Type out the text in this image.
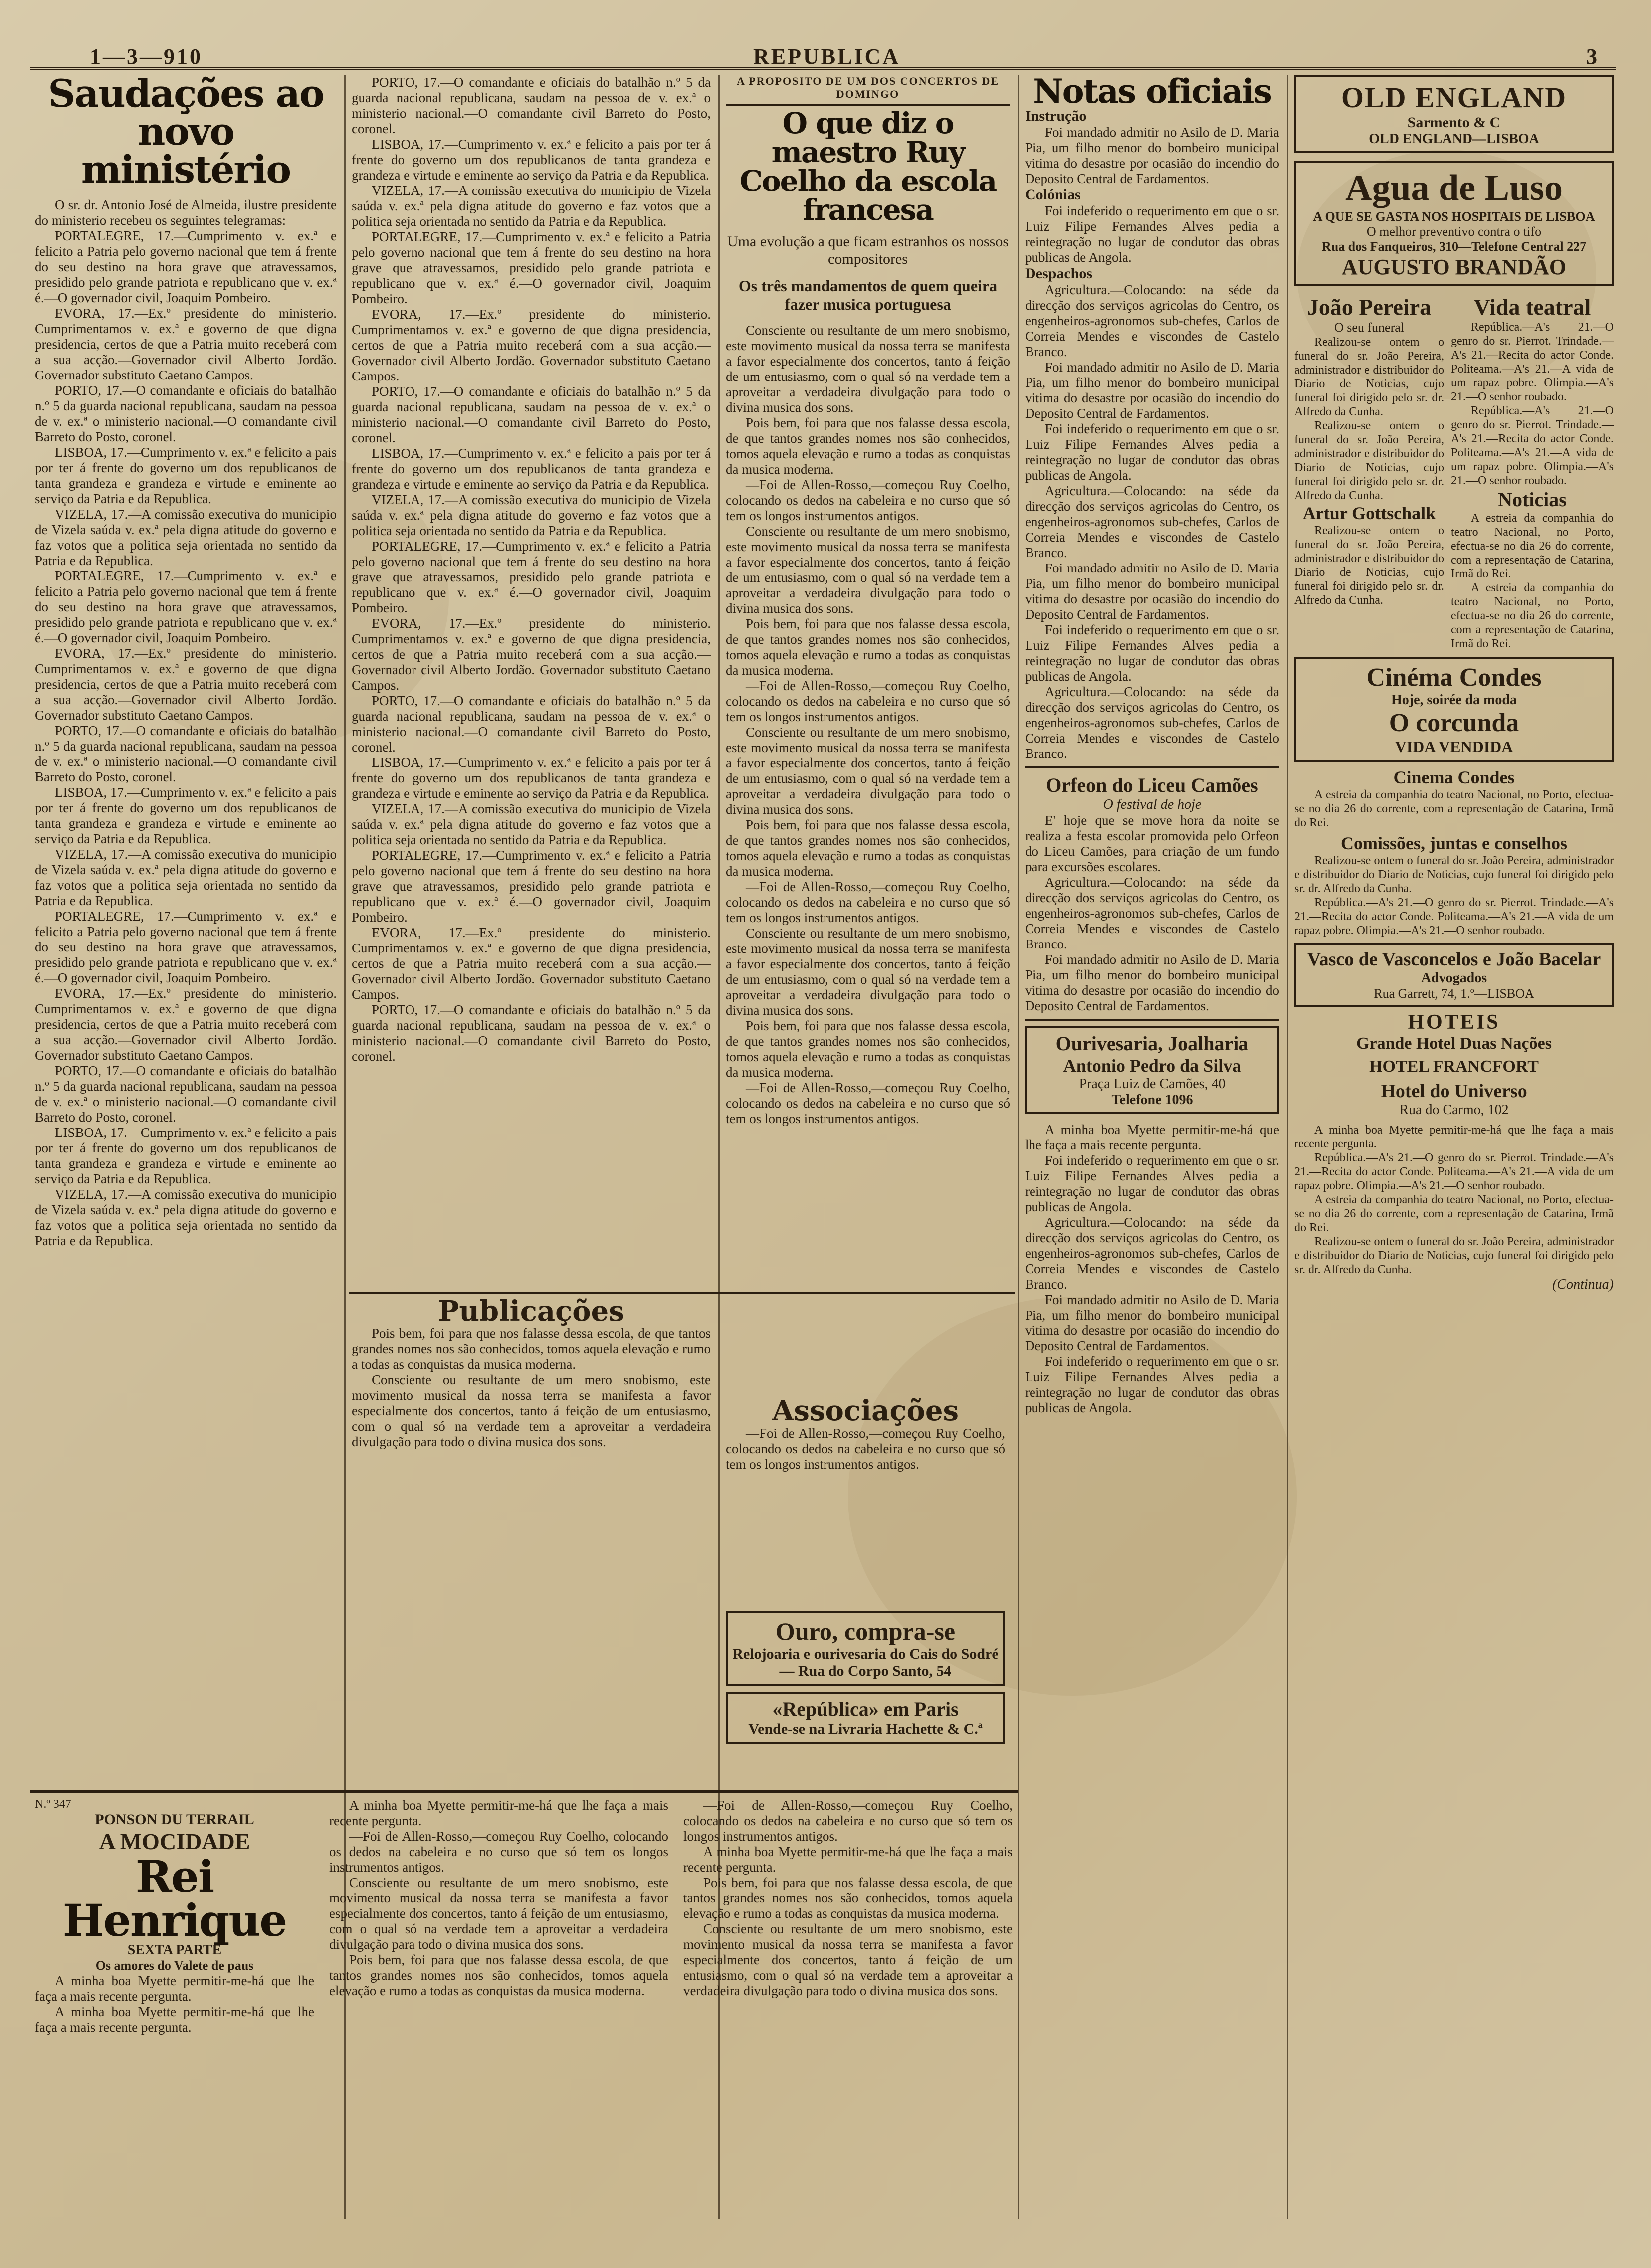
1—3—910	REPUBLICA	3
Saudações ao novo ministério

O sr. dr. Antonio José de Almeida, ilustre presidente do ministerio recebeu os seguintes telegramas:

PORTALEGRE, 17.—Cumprimento v. ex.ª e felicito a Patria pelo governo nacional que tem á frente do seu destino na hora grave que atravessamos, presidido pelo grande patriota e republicano que v. ex.ª é.—O governador civil, Joaquim Pombeiro.

EVORA, 17.—Ex.º presidente do ministerio. Cumprimentamos v. ex.ª e governo de que digna presidencia, certos de que a Patria muito receberá com a sua acção.—Governador civil Alberto Jordão. Governador substituto Caetano Campos.

PORTO, 17.—O comandante e oficiais do batalhão n.º 5 da guarda nacional republicana, saudam na pessoa de v. ex.ª o ministerio nacional.—O comandante civil Barreto do Posto, coronel.

LISBOA, 17.—Cumprimento v. ex.ª e felicito a pais por ter á frente do governo um dos republicanos de tanta grandeza e grandeza e virtude e eminente ao serviço da Patria e da Republica.

VIZELA, 17.—A comissão executiva do municipio de Vizela saúda v. ex.ª pela digna atitude do governo e faz votos que a politica seja orientada no sentido da Patria e da Republica.

PORTALEGRE, 17.—Cumprimento v. ex.ª e felicito a Patria pelo governo nacional que tem á frente do seu destino na hora grave que atravessamos, presidido pelo grande patriota e republicano que v. ex.ª é.—O governador civil, Joaquim Pombeiro.

EVORA, 17.—Ex.º presidente do ministerio. Cumprimentamos v. ex.ª e governo de que digna presidencia, certos de que a Patria muito receberá com a sua acção.—Governador civil Alberto Jordão. Governador substituto Caetano Campos.

PORTO, 17.—O comandante e oficiais do batalhão n.º 5 da guarda nacional republicana, saudam na pessoa de v. ex.ª o ministerio nacional.—O comandante civil Barreto do Posto, coronel.

LISBOA, 17.—Cumprimento v. ex.ª e felicito a pais por ter á frente do governo um dos republicanos de tanta grandeza e grandeza e virtude e eminente ao serviço da Patria e da Republica.

VIZELA, 17.—A comissão executiva do municipio de Vizela saúda v. ex.ª pela digna atitude do governo e faz votos que a politica seja orientada no sentido da Patria e da Republica.

PORTALEGRE, 17.—Cumprimento v. ex.ª e felicito a Patria pelo governo nacional que tem á frente do seu destino na hora grave que atravessamos, presidido pelo grande patriota e republicano que v. ex.ª é.—O governador civil, Joaquim Pombeiro.

EVORA, 17.—Ex.º presidente do ministerio. Cumprimentamos v. ex.ª e governo de que digna presidencia, certos de que a Patria muito receberá com a sua acção.—Governador civil Alberto Jordão. Governador substituto Caetano Campos.

PORTO, 17.—O comandante e oficiais do batalhão n.º 5 da guarda nacional republicana, saudam na pessoa de v. ex.ª o ministerio nacional.—O comandante civil Barreto do Posto, coronel.

LISBOA, 17.—Cumprimento v. ex.ª e felicito a pais por ter á frente do governo um dos republicanos de tanta grandeza e grandeza e virtude e eminente ao serviço da Patria e da Republica.

VIZELA, 17.—A comissão executiva do municipio de Vizela saúda v. ex.ª pela digna atitude do governo e faz votos que a politica seja orientada no sentido da Patria e da Republica.

PORTO, 17.—O comandante e oficiais do batalhão n.º 5 da guarda nacional republicana, saudam na pessoa de v. ex.ª o ministerio nacional.—O comandante civil Barreto do Posto, coronel.

LISBOA, 17.—Cumprimento v. ex.ª e felicito a pais por ter á frente do governo um dos republicanos de tanta grandeza e grandeza e virtude e eminente ao serviço da Patria e da Republica.

VIZELA, 17.—A comissão executiva do municipio de Vizela saúda v. ex.ª pela digna atitude do governo e faz votos que a politica seja orientada no sentido da Patria e da Republica.

PORTALEGRE, 17.—Cumprimento v. ex.ª e felicito a Patria pelo governo nacional que tem á frente do seu destino na hora grave que atravessamos, presidido pelo grande patriota e republicano que v. ex.ª é.—O governador civil, Joaquim Pombeiro.

EVORA, 17.—Ex.º presidente do ministerio. Cumprimentamos v. ex.ª e governo de que digna presidencia, certos de que a Patria muito receberá com a sua acção.—Governador civil Alberto Jordão. Governador substituto Caetano Campos.

PORTO, 17.—O comandante e oficiais do batalhão n.º 5 da guarda nacional republicana, saudam na pessoa de v. ex.ª o ministerio nacional.—O comandante civil Barreto do Posto, coronel.

LISBOA, 17.—Cumprimento v. ex.ª e felicito a pais por ter á frente do governo um dos republicanos de tanta grandeza e grandeza e virtude e eminente ao serviço da Patria e da Republica.

VIZELA, 17.—A comissão executiva do municipio de Vizela saúda v. ex.ª pela digna atitude do governo e faz votos que a politica seja orientada no sentido da Patria e da Republica.

PORTALEGRE, 17.—Cumprimento v. ex.ª e felicito a Patria pelo governo nacional que tem á frente do seu destino na hora grave que atravessamos, presidido pelo grande patriota e republicano que v. ex.ª é.—O governador civil, Joaquim Pombeiro.

EVORA, 17.—Ex.º presidente do ministerio. Cumprimentamos v. ex.ª e governo de que digna presidencia, certos de que a Patria muito receberá com a sua acção.—Governador civil Alberto Jordão. Governador substituto Caetano Campos.

PORTO, 17.—O comandante e oficiais do batalhão n.º 5 da guarda nacional republicana, saudam na pessoa de v. ex.ª o ministerio nacional.—O comandante civil Barreto do Posto, coronel.

LISBOA, 17.—Cumprimento v. ex.ª e felicito a pais por ter á frente do governo um dos republicanos de tanta grandeza e grandeza e virtude e eminente ao serviço da Patria e da Republica.

VIZELA, 17.—A comissão executiva do municipio de Vizela saúda v. ex.ª pela digna atitude do governo e faz votos que a politica seja orientada no sentido da Patria e da Republica.

PORTALEGRE, 17.—Cumprimento v. ex.ª e felicito a Patria pelo governo nacional que tem á frente do seu destino na hora grave que atravessamos, presidido pelo grande patriota e republicano que v. ex.ª é.—O governador civil, Joaquim Pombeiro.

EVORA, 17.—Ex.º presidente do ministerio. Cumprimentamos v. ex.ª e governo de que digna presidencia, certos de que a Patria muito receberá com a sua acção.—Governador civil Alberto Jordão. Governador substituto Caetano Campos.

PORTO, 17.—O comandante e oficiais do batalhão n.º 5 da guarda nacional republicana, saudam na pessoa de v. ex.ª o ministerio nacional.—O comandante civil Barreto do Posto, coronel.

A PROPOSITO DE UM DOS CONCERTOS DE DOMINGO
O que diz o maestro Ruy Coelho da escola francesa
Uma evolução a que ficam estranhos os nossos compositores
Os três mandamentos de quem queira fazer musica portuguesa

Consciente ou resultante de um mero snobismo, este movimento musical da nossa terra se manifesta a favor especialmente dos concertos, tanto á feição de um entusiasmo, com o qual só na verdade tem a aproveitar a verdadeira divulgação para todo o divina musica dos sons.

Pois bem, foi para que nos falasse dessa escola, de que tantos grandes nomes nos são conhecidos, tomos aquela elevação e rumo a todas as conquistas da musica moderna.

—Foi de Allen-Rosso,—começou Ruy Coelho, colocando os dedos na cabeleira e no curso que só tem os longos instrumentos antigos.

Consciente ou resultante de um mero snobismo, este movimento musical da nossa terra se manifesta a favor especialmente dos concertos, tanto á feição de um entusiasmo, com o qual só na verdade tem a aproveitar a verdadeira divulgação para todo o divina musica dos sons.

Pois bem, foi para que nos falasse dessa escola, de que tantos grandes nomes nos são conhecidos, tomos aquela elevação e rumo a todas as conquistas da musica moderna.

—Foi de Allen-Rosso,—começou Ruy Coelho, colocando os dedos na cabeleira e no curso que só tem os longos instrumentos antigos.

Consciente ou resultante de um mero snobismo, este movimento musical da nossa terra se manifesta a favor especialmente dos concertos, tanto á feição de um entusiasmo, com o qual só na verdade tem a aproveitar a verdadeira divulgação para todo o divina musica dos sons.

Pois bem, foi para que nos falasse dessa escola, de que tantos grandes nomes nos são conhecidos, tomos aquela elevação e rumo a todas as conquistas da musica moderna.

—Foi de Allen-Rosso,—começou Ruy Coelho, colocando os dedos na cabeleira e no curso que só tem os longos instrumentos antigos.

Consciente ou resultante de um mero snobismo, este movimento musical da nossa terra se manifesta a favor especialmente dos concertos, tanto á feição de um entusiasmo, com o qual só na verdade tem a aproveitar a verdadeira divulgação para todo o divina musica dos sons.

Pois bem, foi para que nos falasse dessa escola, de que tantos grandes nomes nos são conhecidos, tomos aquela elevação e rumo a todas as conquistas da musica moderna.

—Foi de Allen-Rosso,—começou Ruy Coelho, colocando os dedos na cabeleira e no curso que só tem os longos instrumentos antigos.

Notas oficiais
Instrução

Foi mandado admitir no Asilo de D. Maria Pia, um filho menor do bombeiro municipal vitima do desastre por ocasião do incendio do Deposito Central de Fardamentos.

Colónias

Foi indeferido o requerimento em que o sr. Luiz Filipe Fernandes Alves pedia a reintegração no lugar de condutor das obras publicas de Angola.

Despachos

Agricultura.—Colocando: na séde da direcção dos serviços agricolas do Centro, os engenheiros-agronomos sub-chefes, Carlos de Correia Mendes e viscondes de Castelo Branco.

Foi mandado admitir no Asilo de D. Maria Pia, um filho menor do bombeiro municipal vitima do desastre por ocasião do incendio do Deposito Central de Fardamentos.

Foi indeferido o requerimento em que o sr. Luiz Filipe Fernandes Alves pedia a reintegração no lugar de condutor das obras publicas de Angola.

Agricultura.—Colocando: na séde da direcção dos serviços agricolas do Centro, os engenheiros-agronomos sub-chefes, Carlos de Correia Mendes e viscondes de Castelo Branco.

Foi mandado admitir no Asilo de D. Maria Pia, um filho menor do bombeiro municipal vitima do desastre por ocasião do incendio do Deposito Central de Fardamentos.

Foi indeferido o requerimento em que o sr. Luiz Filipe Fernandes Alves pedia a reintegração no lugar de condutor das obras publicas de Angola.

Agricultura.—Colocando: na séde da direcção dos serviços agricolas do Centro, os engenheiros-agronomos sub-chefes, Carlos de Correia Mendes e viscondes de Castelo Branco.

Orfeon do Liceu Camões
O festival de hoje

E' hoje que se move hora da noite se realiza a festa escolar promovida pelo Orfeon do Liceu Camões, para criação de um fundo para excursões escolares.

Agricultura.—Colocando: na séde da direcção dos serviços agricolas do Centro, os engenheiros-agronomos sub-chefes, Carlos de Correia Mendes e viscondes de Castelo Branco.

Foi mandado admitir no Asilo de D. Maria Pia, um filho menor do bombeiro municipal vitima do desastre por ocasião do incendio do Deposito Central de Fardamentos.

Ourivesaria, Joalharia
Antonio Pedro da Silva
Praça Luiz de Camões, 40
Telefone 1096

A minha boa Myette permitir-me-há que lhe faça a mais recente pergunta.

Foi indeferido o requerimento em que o sr. Luiz Filipe Fernandes Alves pedia a reintegração no lugar de condutor das obras publicas de Angola.

Agricultura.—Colocando: na séde da direcção dos serviços agricolas do Centro, os engenheiros-agronomos sub-chefes, Carlos de Correia Mendes e viscondes de Castelo Branco.

Foi mandado admitir no Asilo de D. Maria Pia, um filho menor do bombeiro municipal vitima do desastre por ocasião do incendio do Deposito Central de Fardamentos.

Foi indeferido o requerimento em que o sr. Luiz Filipe Fernandes Alves pedia a reintegração no lugar de condutor das obras publicas de Angola.

OLD ENGLAND
Sarmento & C
OLD ENGLAND—LISBOA
Agua de Luso
A QUE SE GASTA NOS HOSPITAIS DE LISBOA
O melhor preventivo contra o tifo
Rua dos Fanqueiros, 310—Telefone Central 227
AUGUSTO BRANDÃO
João Pereira
O seu funeral

Realizou-se ontem o funeral do sr. João Pereira, administrador e distribuidor do Diario de Noticias, cujo funeral foi dirigido pelo sr. dr. Alfredo da Cunha.

Realizou-se ontem o funeral do sr. João Pereira, administrador e distribuidor do Diario de Noticias, cujo funeral foi dirigido pelo sr. dr. Alfredo da Cunha.

Artur Gottschalk

Realizou-se ontem o funeral do sr. João Pereira, administrador e distribuidor do Diario de Noticias, cujo funeral foi dirigido pelo sr. dr. Alfredo da Cunha.

Vida teatral

República.—A's 21.—O genro do sr. Pierrot. Trindade.—A's 21.—Recita do actor Conde. Politeama.—A's 21.—A vida de um rapaz pobre. Olimpia.—A's 21.—O senhor roubado.

República.—A's 21.—O genro do sr. Pierrot. Trindade.—A's 21.—Recita do actor Conde. Politeama.—A's 21.—A vida de um rapaz pobre. Olimpia.—A's 21.—O senhor roubado.

Noticias

A estreia da companhia do teatro Nacional, no Porto, efectua-se no dia 26 do corrente, com a representação de Catarina, Irmã do Rei.

A estreia da companhia do teatro Nacional, no Porto, efectua-se no dia 26 do corrente, com a representação de Catarina, Irmã do Rei.

Cinéma Condes
Hoje, soirée da moda
O corcunda
VIDA VENDIDA
Cinema Condes

A estreia da companhia do teatro Nacional, no Porto, efectua-se no dia 26 do corrente, com a representação de Catarina, Irmã do Rei.

Comissões, juntas e conselhos

Realizou-se ontem o funeral do sr. João Pereira, administrador e distribuidor do Diario de Noticias, cujo funeral foi dirigido pelo sr. dr. Alfredo da Cunha.

República.—A's 21.—O genro do sr. Pierrot. Trindade.—A's 21.—Recita do actor Conde. Politeama.—A's 21.—A vida de um rapaz pobre. Olimpia.—A's 21.—O senhor roubado.

Vasco de Vasconcelos e João Bacelar
Advogados
Rua Garrett, 74, 1.º—LISBOA
HOTEIS
Grande Hotel Duas Nações
HOTEL FRANCFORT
Hotel do Universo
Rua do Carmo, 102

A minha boa Myette permitir-me-há que lhe faça a mais recente pergunta.

República.—A's 21.—O genro do sr. Pierrot. Trindade.—A's 21.—Recita do actor Conde. Politeama.—A's 21.—A vida de um rapaz pobre. Olimpia.—A's 21.—O senhor roubado.

A estreia da companhia do teatro Nacional, no Porto, efectua-se no dia 26 do corrente, com a representação de Catarina, Irmã do Rei.

Realizou-se ontem o funeral do sr. João Pereira, administrador e distribuidor do Diario de Noticias, cujo funeral foi dirigido pelo sr. dr. Alfredo da Cunha.

(Continua)
Publicações

Pois bem, foi para que nos falasse dessa escola, de que tantos grandes nomes nos são conhecidos, tomos aquela elevação e rumo a todas as conquistas da musica moderna.

Consciente ou resultante de um mero snobismo, este movimento musical da nossa terra se manifesta a favor especialmente dos concertos, tanto á feição de um entusiasmo, com o qual só na verdade tem a aproveitar a verdadeira divulgação para todo o divina musica dos sons.

Associações

—Foi de Allen-Rosso,—começou Ruy Coelho, colocando os dedos na cabeleira e no curso que só tem os longos instrumentos antigos.

Ouro, compra-se
Relojoaria e ourivesaria do Cais do Sodré — Rua do Corpo Santo, 54
«República» em Paris
Vende-se na Livraria Hachette & C.ª
N.º 347
PONSON DU TERRAIL
A MOCIDADE
Rei Henrique
SEXTA PARTE
Os amores do Valete de paus

A minha boa Myette permitir-me-há que lhe faça a mais recente pergunta.

A minha boa Myette permitir-me-há que lhe faça a mais recente pergunta.

A minha boa Myette permitir-me-há que lhe faça a mais recente pergunta.

—Foi de Allen-Rosso,—começou Ruy Coelho, colocando os dedos na cabeleira e no curso que só tem os longos instrumentos antigos.

Consciente ou resultante de um mero snobismo, este movimento musical da nossa terra se manifesta a favor especialmente dos concertos, tanto á feição de um entusiasmo, com o qual só na verdade tem a aproveitar a verdadeira divulgação para todo o divina musica dos sons.

Pois bem, foi para que nos falasse dessa escola, de que tantos grandes nomes nos são conhecidos, tomos aquela elevação e rumo a todas as conquistas da musica moderna.

—Foi de Allen-Rosso,—começou Ruy Coelho, colocando os dedos na cabeleira e no curso que só tem os longos instrumentos antigos.

A minha boa Myette permitir-me-há que lhe faça a mais recente pergunta.

Pois bem, foi para que nos falasse dessa escola, de que tantos grandes nomes nos são conhecidos, tomos aquela elevação e rumo a todas as conquistas da musica moderna.

Consciente ou resultante de um mero snobismo, este movimento musical da nossa terra se manifesta a favor especialmente dos concertos, tanto á feição de um entusiasmo, com o qual só na verdade tem a aproveitar a verdadeira divulgação para todo o divina musica dos sons.
